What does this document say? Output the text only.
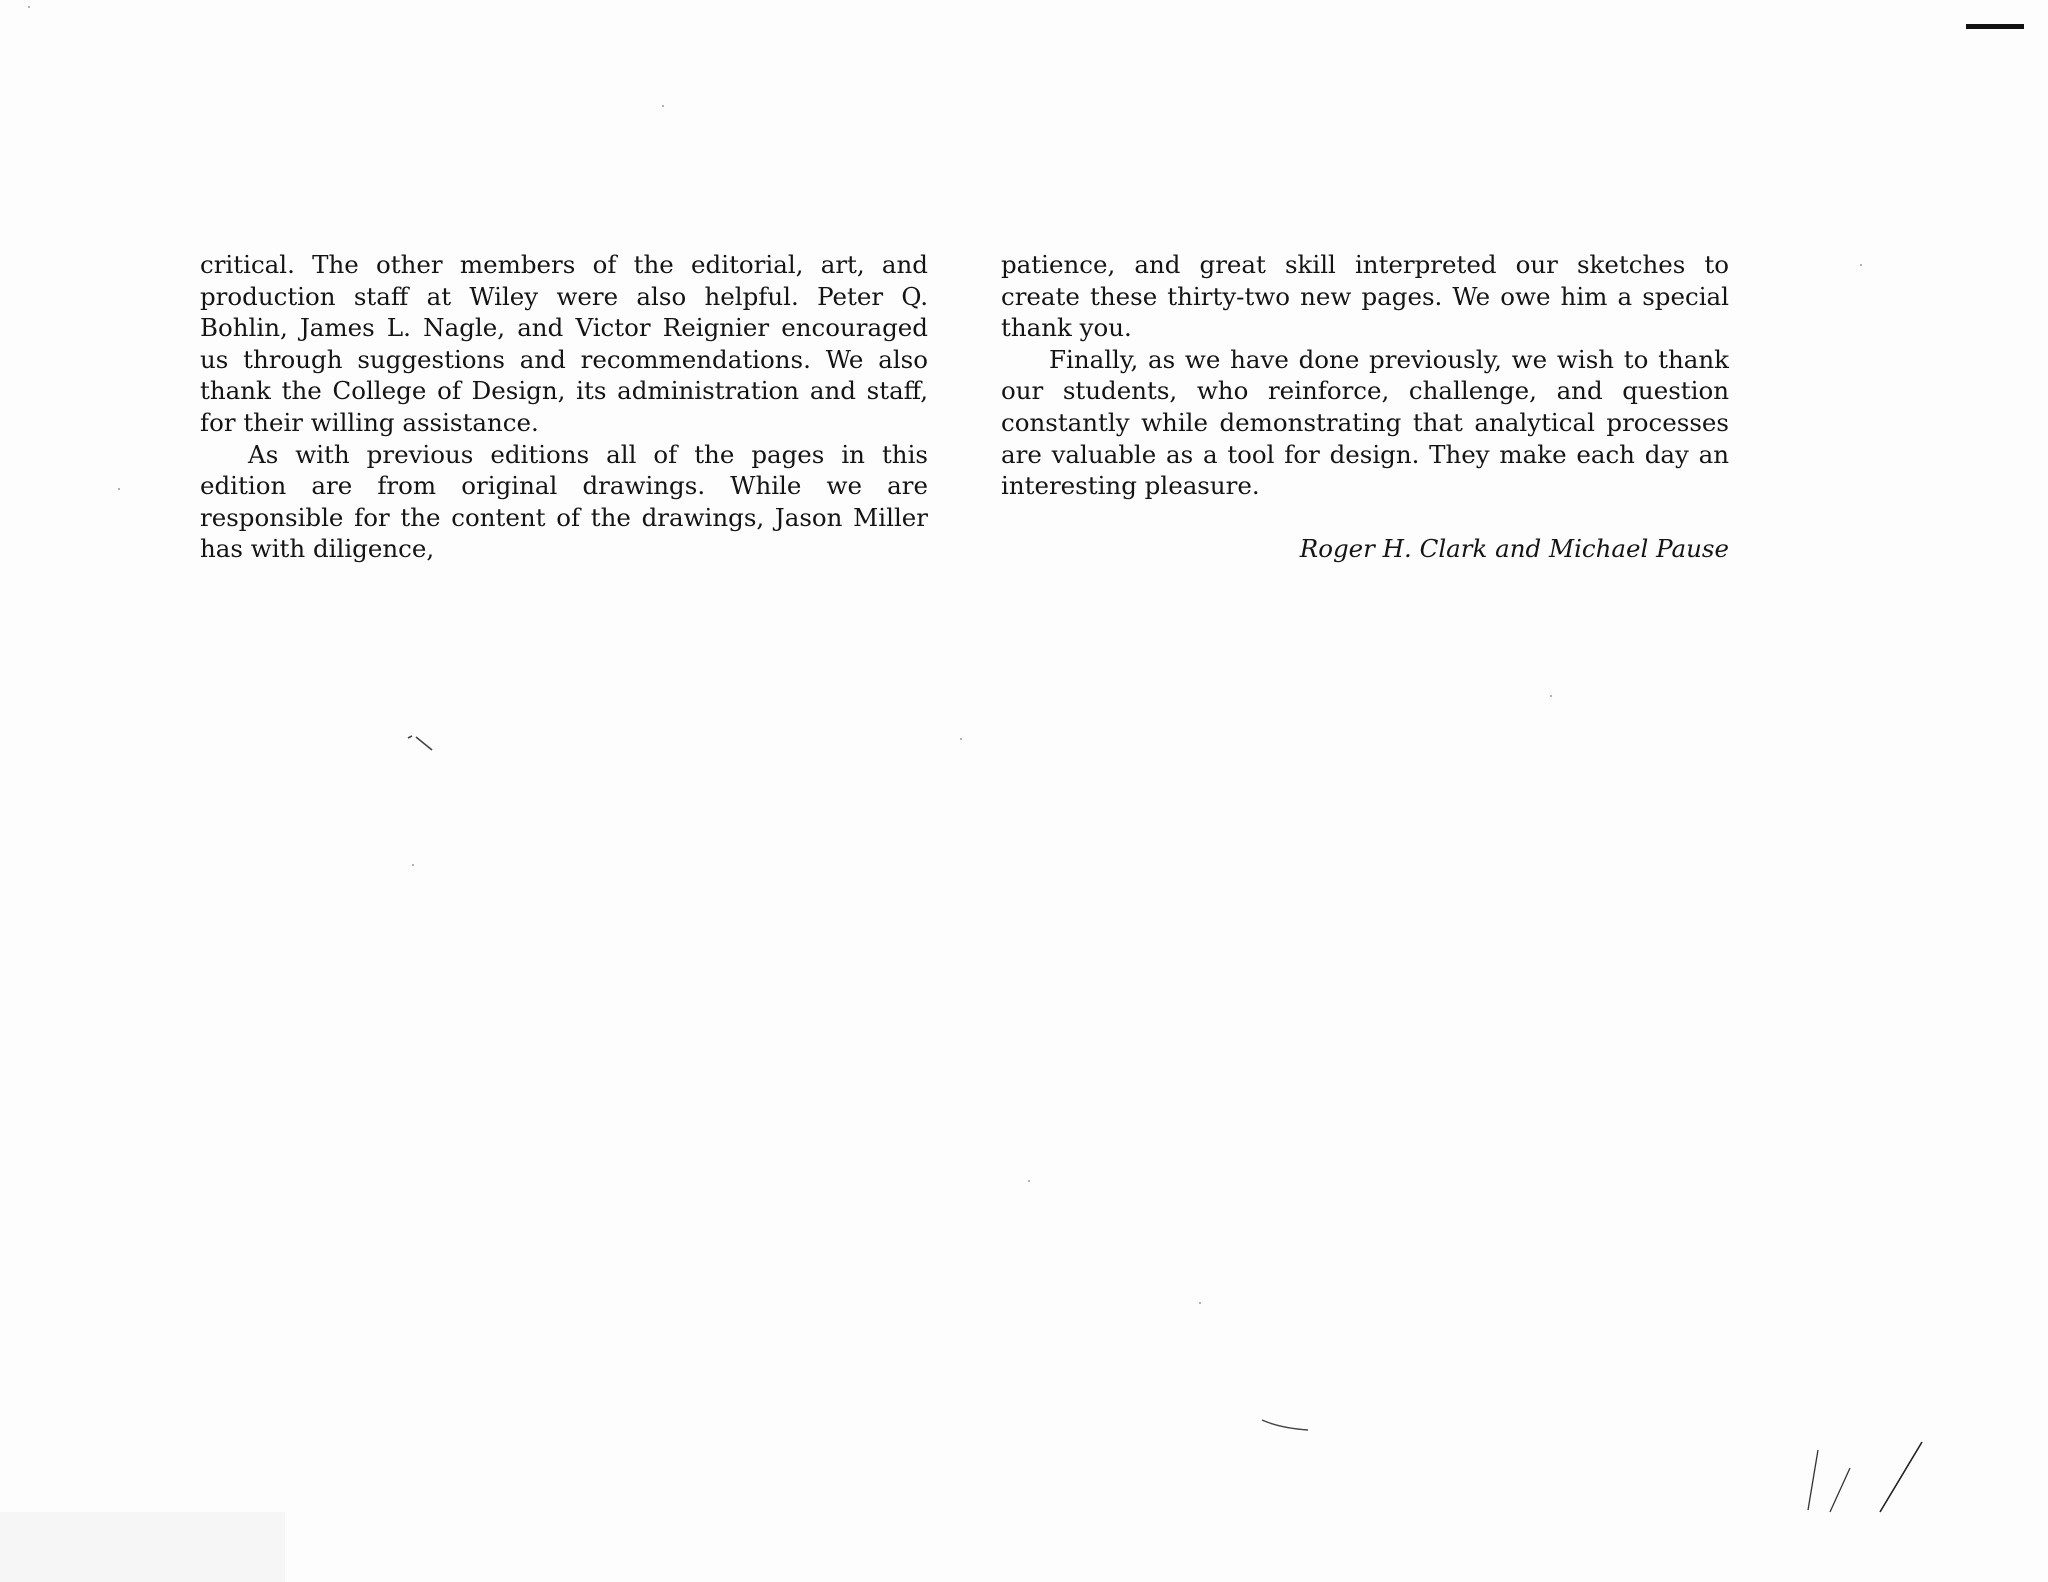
critical. The other members of the editorial, art, and production staff at Wiley were also helpful. Peter Q. Bohlin, James L. Nagle, and Victor Reignier encouraged us through suggestions and recommendations. We also thank the College of Design, its administration and staff, for their willing assistance.

As with previous editions all of the pages in this edition are from original drawings. While we are responsible for the content of the drawings, Jason Miller has with diligence,

patience, and great skill interpreted our sketches to create these thirty-two new pages. We owe him a special thank you.

Finally, as we have done previously, we wish to thank our students, who reinforce, challenge, and question constantly while demonstrating that analytical processes are valuable as a tool for design. They make each day an interesting pleasure.

Roger H. Clark and Michael Pause
